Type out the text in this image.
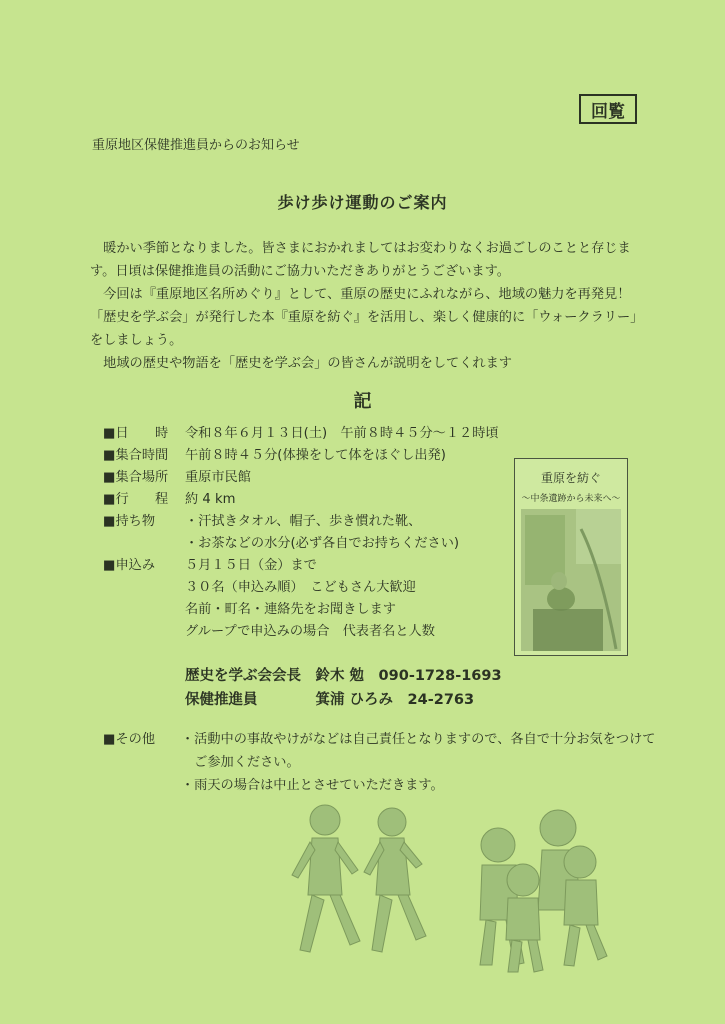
回覧
重原地区保健推進員からのお知らせ
歩け歩け運動のご案内

　暖かい季節となりました。皆さまにおかれましてはお変わりなくお過ごしのことと存じます。日頃は保健推進員の活動にご協力いただきありがとうございます。

　今回は『重原地区名所めぐり』として、重原の歴史にふれながら、地域の魅力を再発見！「歴史を学ぶ会」が発行した本『重原を紡ぐ』を活用し、楽しく健康的に「ウォークラリー」をしましょう。

　地域の歴史や物語を「歴史を学ぶ会」の皆さんが説明をしてくれます

記
■日　　時 令和８年６月１３日(土)　午前８時４５分〜１２時頃
■集合時間 午前８時４５分(体操をして体をほぐし出発)
■集合場所 重原市民館
■行　　程 約 4 km
■持ち物 ・汗拭きタオル、帽子、歩き慣れた靴、
・お茶などの水分(必ず各自でお持ちください)
■申込み ５月１５日（金）まで
３０名（申込み順）　こどもさん大歓迎
名前・町名・連絡先をお聞きします
グループで申込みの場合　代表者名と人数
歴史を学ぶ会会長　鈴木 勉　090-1728-1693
保健推進員　　　　箕浦 ひろみ　24-2763
■その他 ・活動中の事故やけがなどは自己責任となりますので、各自で十分お気をつけて
　ご参加ください。
・雨天の場合は中止とさせていただきます。
重原を紡ぐ
〜中条遺跡から未来へ〜
